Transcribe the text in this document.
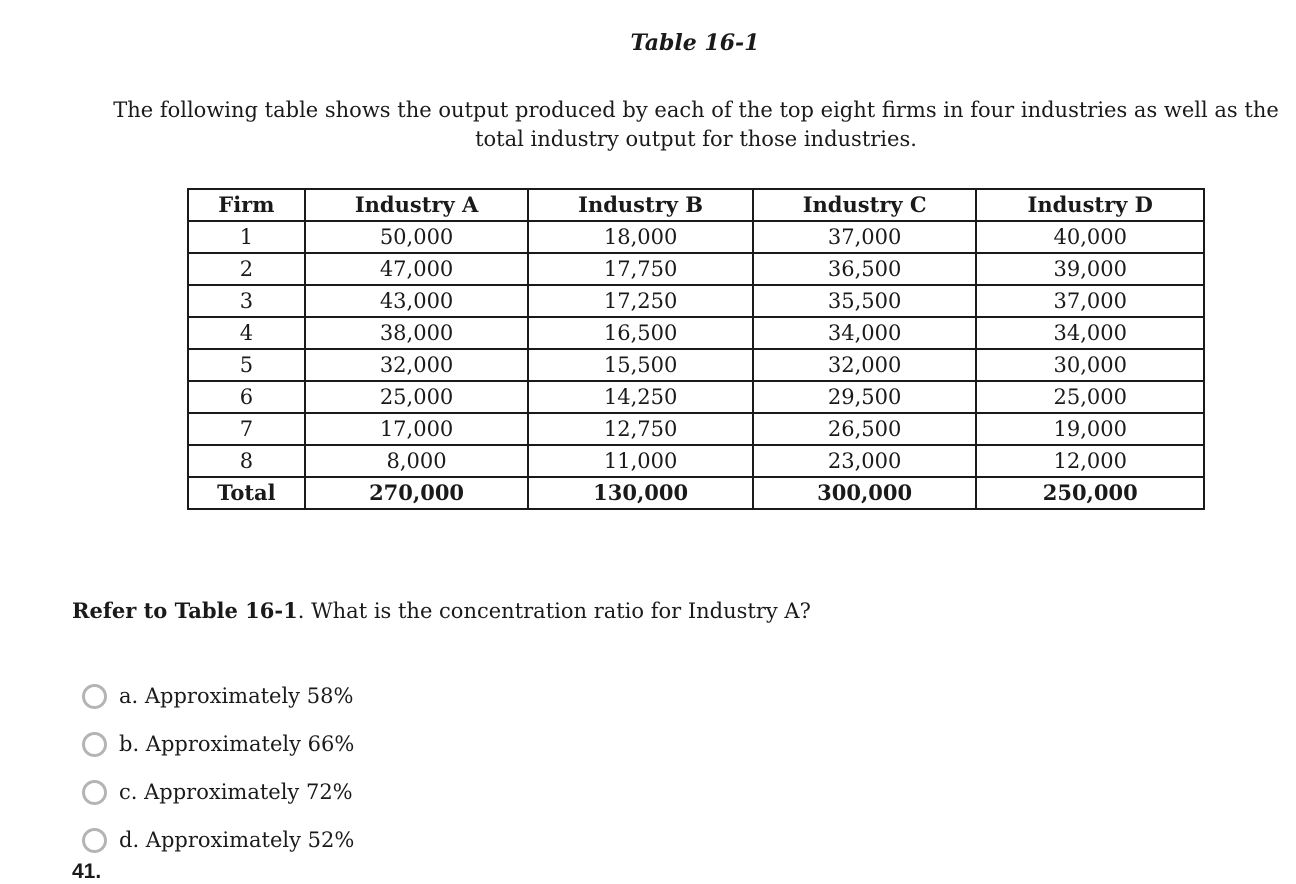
Table 16-1
The following table shows the output produced by each of the top eight firms in four industries as well as the total industry output for those industries.
Firm	Industry A	Industry B	Industry C	Industry D
1	50,000	18,000	37,000	40,000
2	47,000	17,750	36,500	39,000
3	43,000	17,250	35,500	37,000
4	38,000	16,500	34,000	34,000
5	32,000	15,500	32,000	30,000
6	25,000	14,250	29,500	25,000
7	17,000	12,750	26,500	19,000
8	8,000	11,000	23,000	12,000
Total	270,000	130,000	300,000	250,000
Refer to Table 16-1. What is the concentration ratio for Industry A?
a. Approximately 58%
b. Approximately 66%
c. Approximately 72%
d. Approximately 52%
41.
